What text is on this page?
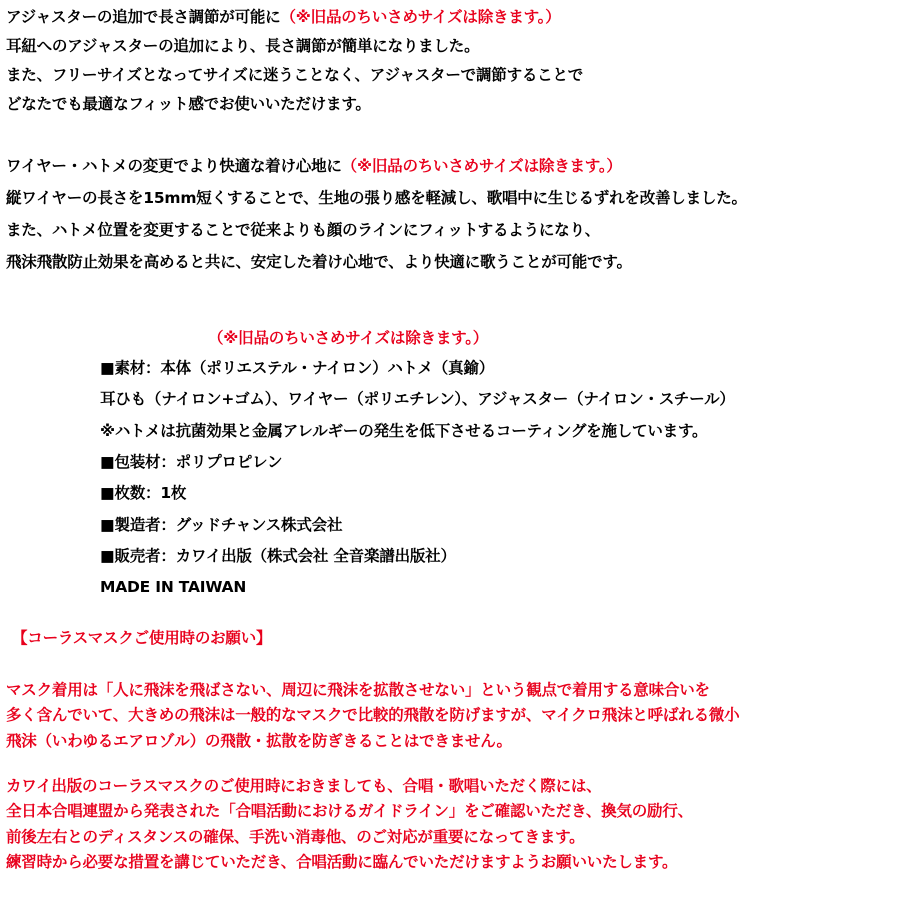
アジャスターの追加で長さ調節が可能に（※旧品のちいさめサイズは除きます。）
耳紐へのアジャスターの追加により、長さ調節が簡単になりました。
また、フリーサイズとなってサイズに迷うことなく、アジャスターで調節することで
どなたでも最適なフィット感でお使いいただけます。
ワイヤー・ハトメの変更でより快適な着け心地に（※旧品のちいさめサイズは除きます。）
縦ワイヤーの長さを15mm短くすることで、生地の張り感を軽減し、歌唱中に生じるずれを改善しました。
また、ハトメ位置を変更することで従来よりも顔のラインにフィットするようになり、
飛沫飛散防止効果を高めると共に、安定した着け心地で、より快適に歌うことが可能です。
（※旧品のちいさめサイズは除きます。）
■素材：本体（ポリエステル・ナイロン）ハトメ（真鍮）
耳ひも（ナイロン+ゴム）、ワイヤー（ポリエチレン）、アジャスター（ナイロン・スチール）
※ハトメは抗菌効果と金属アレルギーの発生を低下させるコーティングを施しています。
■包装材：ポリプロピレン
■枚数：1枚
■製造者：グッドチャンス株式会社
■販売者：カワイ出版（株式会社 全音楽譜出版社）
MADE IN TAIWAN
【コーラスマスクご使用時のお願い】
マスク着用は「人に飛沫を飛ばさない、周辺に飛沫を拡散させない」という観点で着用する意味合いを
多く含んでいて、大きめの飛沫は一般的なマスクで比較的飛散を防げますが、マイクロ飛沫と呼ばれる微小
飛沫（いわゆるエアロゾル）の飛散・拡散を防ぎきることはできません。
カワイ出版のコーラスマスクのご使用時におきましても、合唱・歌唱いただく際には、
全日本合唱連盟から発表された「合唱活動におけるガイドライン」をご確認いただき、換気の励行、
前後左右とのディスタンスの確保、手洗い消毒他、のご対応が重要になってきます。
練習時から必要な措置を講じていただき、合唱活動に臨んでいただけますようお願いいたします。
